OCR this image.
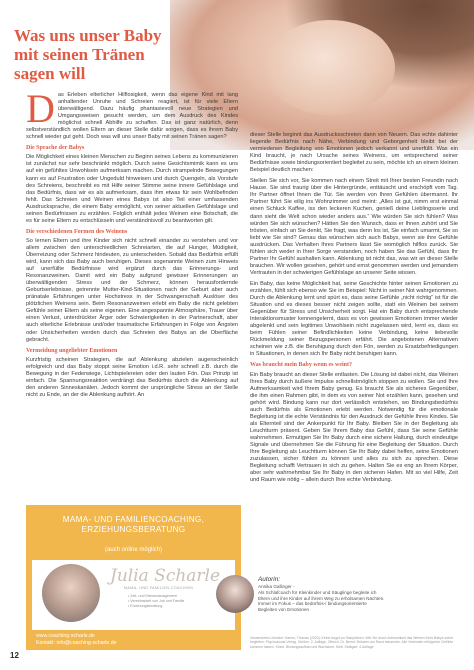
Was uns unser Baby
mit seinen Tränen
sagen will

D as Erleben elterlicher Hilflosigkeit, wenn das eigene Kind mit lang anhaltender Unruhe und Schreien reagiert, ist für viele Eltern überwältigend. Dazu häufig phantasievoll neue Strategien und Umgangsweisen gesucht werden, um dem Ausdruck des Kindes möglichst schnell Abhilfe zu schaffen. Das ist ganz natürlich, denn selbstverständlich wollen Eltern an dieser Stelle dafür sorgen, dass es ihrem Baby schnell wieder gut geht. Doch was will uns unser Baby mit seinen Tränen sagen?

Die Sprache der Babys

Die Möglichkeit eines kleinen Menschen zu Beginn seines Lebens zu kommunizieren ist zunächst nur sehr beschränkt möglich. Durch seine Gesichtsmimik kann es uns auf ein gefühltes Unwohlsein aufmerksam machen. Durch strampelnde Bewegungen kann es auf Frustration oder Ungeduld hinweisen und durch Quengeln, als Vorstufe des Schreiens, beschreibt es mit Hilfe seiner Stimme seine innere Gefühlslage und das Bedürfnis, dass wir es als aufmerksam, dass ihm etwas für sein Wohlbefinden fehlt. Das Schreien und Weinen eines Babys ist also Teil einer umfassenden Ausdrucksprache, die einem Baby ermöglicht, von seiner aktuellen Gefühlslage und seinen Bedürfnissen zu erzählen. Folglich enthält jedes Weinen eine Botschaft, die es für seine Eltern zu entschlüsseln und verständnisvoll zu beantworten gilt.

Die verschiedenen Formen des Weinens

So lernen Eltern und ihre Kinder sich nicht schnell einander zu verstehen und vor allem zwischen den unterschiedlichen Schreiarten, die auf Hunger, Müdigkeit, Überreizung oder Schmerz hindeuten, zu unterscheiden. Sobald das Bedürfnis erfüllt wird, kann sich das Baby auch beruhigen. Dieses sogenannte Weinen zum Hinweis auf unerfüllte Bedürfnisse wird ergänzt durch das Erinnerungs- und Resonanzweinen. Damit wird ein Baby aufgrund gewisser Erinnerungen an überwältigenden Stress und der Schmerz, können herausfordernde Geburtserlebnisse, getrennte Mutter-Kind-Situationen nach der Geburt aber auch pränatale Erfahrungen unter Hochstress in der Schwangerschaft Auslöser des plötzlichen Weinens sein. Beim Resonanzweinen erlebt ein Baby die nicht gelebten Gefühle seiner Eltern als seine eigenen. Eine angespannte Atmosphäre, Trauer über einen Verlust, unterdrückter Ärger oder Schwierigkeiten in der Partnerschaft, aber auch elterliche Erlebnisse und/oder traumatische Erfahrungen in Folge von Ängsten oder Unsicherheiten werden durch das Schreien des Babys an die Oberfläche gebracht.

Vermeidung ungeliebter Emotionen

Kurzfristig scheinen Strategien, die auf Ablenkung abzielen augenscheinlich erfolgreich und das Baby stoppt seine Emotion i.d.R. sehr schnell z.B. durch die Bewegung in der Federwiege, Lichtspielereien oder den lauten Fön. Das Prinzip ist einfach. Die Spannungsreaktion verdrängt das Bedürfnis durch die Ablenkung auf den anderen Sinneskanälen. Jedoch kommt der ursprüngliche Stress an der Stelle nicht zu Ende, an der die Ablenkung aufhört. An

dieser Stelle beginnt das Ausdrucksschreien dann von Neuem. Das echte dahinter liegende Bedürfnis nach Nähe, Verbindung und Geborgenheit bleibt bei der vermiedenen Begleitung von Emotionen jedoch verkannt und unerfüllt. Was ein Kind braucht, je nach Ursache seines Weinens, um entsprechend seiner Bedürfnisse sowie bindungsorientiert begleitet zu sein, möchte ich an einem kleinen Beispiel deutlich machen:

Stellen Sie sich vor, Sie kommen nach einem Streit mit Ihrer besten Freundin nach Hause. Sie sind traurig über die Hintergründe, enttäuscht und erschöpft vom Tag. Ihr Partner öffnet Ihnen die Tür. Sie werden von Ihren Gefühlen übermannt. Ihr Partner führt Sie eilig ins Wohnzimmer und meint: „Alles ist gut, nimm erst einmal einen Schluck Kaffee, iss den leckeren Kuchen, genieß deine Lieblingsserie und dann sieht die Welt schon wieder anders aus.“ Wie würden Sie sich fühlen? Was würden Sie sich wünschen? Hätten Sie den Wunsch, dass er Ihnen zuhört und Sie trösten, einfach an Sie denkt, Sie fragt, was denn los ist, Sie einfach umarmt, Sie so liebt wie Sie sind? Genau das wünschen sich auch Babys, wenn sie ihre Gefühle ausdrücken. Das Verhalten Ihres Partners lässt Sie womöglich hilflos zurück. Sie fühlen sich weder in Ihrer Sorge verstanden, noch haben Sie das Gefühl, dass Ihr Partner Ihr Gefühl aushalten kann. Ablenkung ist nicht das, was wir an dieser Stelle brauchen. Wir wollen gesehen, gehört und ernst genommen werden und jemandem Vertrauten in der schwierigen Gefühlslage an unserer Seite wissen.

Ein Baby, das keine Möglichkeit hat, seine Geschichte hinter seinen Emotionen zu erzählen, fühlt sich ebenso wie Sie im Beispiel: Nicht in seiner Not wahrgenommen. Durch die Ablenkung lernt und spürt es, dass seine Gefühle „nicht richtig“ ist für die Situation und es dieses besser nicht zeigen sollte, statt ein Weinen bei seinem Gegenüber für Stress und Unsicherheit sorgt. Hat ein Baby durch entsprechende Interaktionsmuster kennengelernt, dass es von gewissen Emotionen immer wieder abgelenkt und sein legitimes Unwohlsein nicht zugelassen wird, lernt es, dass es beim Fühlen seiner Befindlichkeiten keine Verbindung, keine liebevolle Rückmeldung seiner Bezugspersonen erfährt. Die angebotenen Alternativen scheinen wie z.B. die Beruhigung durch den Fön, werden zu Ersatzbefriedigungen in Situationen, in denen sich Ihr Baby nicht beruhigen kann.

Was braucht mein Baby wenn es weint?

Ein Baby braucht an dieser Stelle entlasten. Die Lösung ist dabei nicht, das Weinen Ihres Baby durch äußere Impulse schnellstmöglich stoppen zu wollen. Sie und Ihre Aufmerksamkeit wird Ihrem Baby genug. Es braucht Sie als sicheres Gegenüber, die ihm einen Rahmen gibt, in dem es von seiner Not erzählen kann, gesehen und gehört wird. Bindung kann nur dort verlässlich entstehen, wo Bindungsbedürfnis auch Bedürfnis als Emotionen erlebt werden. Notwendig für die emotionale Begleitung ist die echte Verständnis für den Ausdruck der Gefühle Ihres Kindes. Sie als Elternteil sind der Ankerpunkt für Ihr Baby. Bleiben Sie in der Begleitung als Leuchtturm präsent. Geben Sie Ihrem Baby das Gefühl, dass Sie seine Gefühle wahrnehmen. Ermutigen Sie Ihr Baby durch eine sichere Haltung, durch eindeutige Signale und übernehmen Sie die Führung für eine Begleitung der Situation. Durch Ihre Begleitung als Leuchtturm können Sie Ihr Baby dabei helfen, seine Emotionen zuzulassen, sicher fühlen zu können und alles zu sich zu sprechen. Diese Begleitung schafft Vertrauen in sich zu gehen. Halten Sie es eng an Ihrem Körper, aber sehr wahrnehmbar Sie Ihr Baby in den sicheren Hafen. Mit so viel Hilfe, Zeit und Raum wie nötig – allein durch Ihre echte Verbindung.

MAMA- UND FAMILIENCOACHING,
ERZIEHUNGSBERATUNG
(auch online möglich)
Julia Scharle
MAMA- UND FAMILIEN-COACHING
• Zeit- und Stressmanagement
• Vereinbarkeit von Job und Familie
• Erziehungsberatung
www.coaching-scharle.de
Kontakt: info@coaching-scharle.de
Autorin:
Annika Gallinger -
Als Schlafcoach für Kleinkinder und Säuglinge begleite ich
Eltern und ihre Kinder auf ihrem Weg zu erholsamen Nächten.
Immer im Fokus – das bedürfnis-/ bindungsorientierte
Begleiten von Emotionen
Verwendetes Literatur: Harms, Thomas (2020): Keine Angst vor Babytränen: Wie Sie durch Achtsamkeit das Weinen Ihres Babys sicher begleiten. Psychosozial Verlag, Gießen. 2. Auflage, Olbrich, Dr. Bernd: Brücken am Rand bekannter: Alle Verbinden erfolgreich Gefühle kommen lassen. Kösel, Bindungsaufbau und Wachstum, Klett. Stuttgart. 4.Auflage
12
